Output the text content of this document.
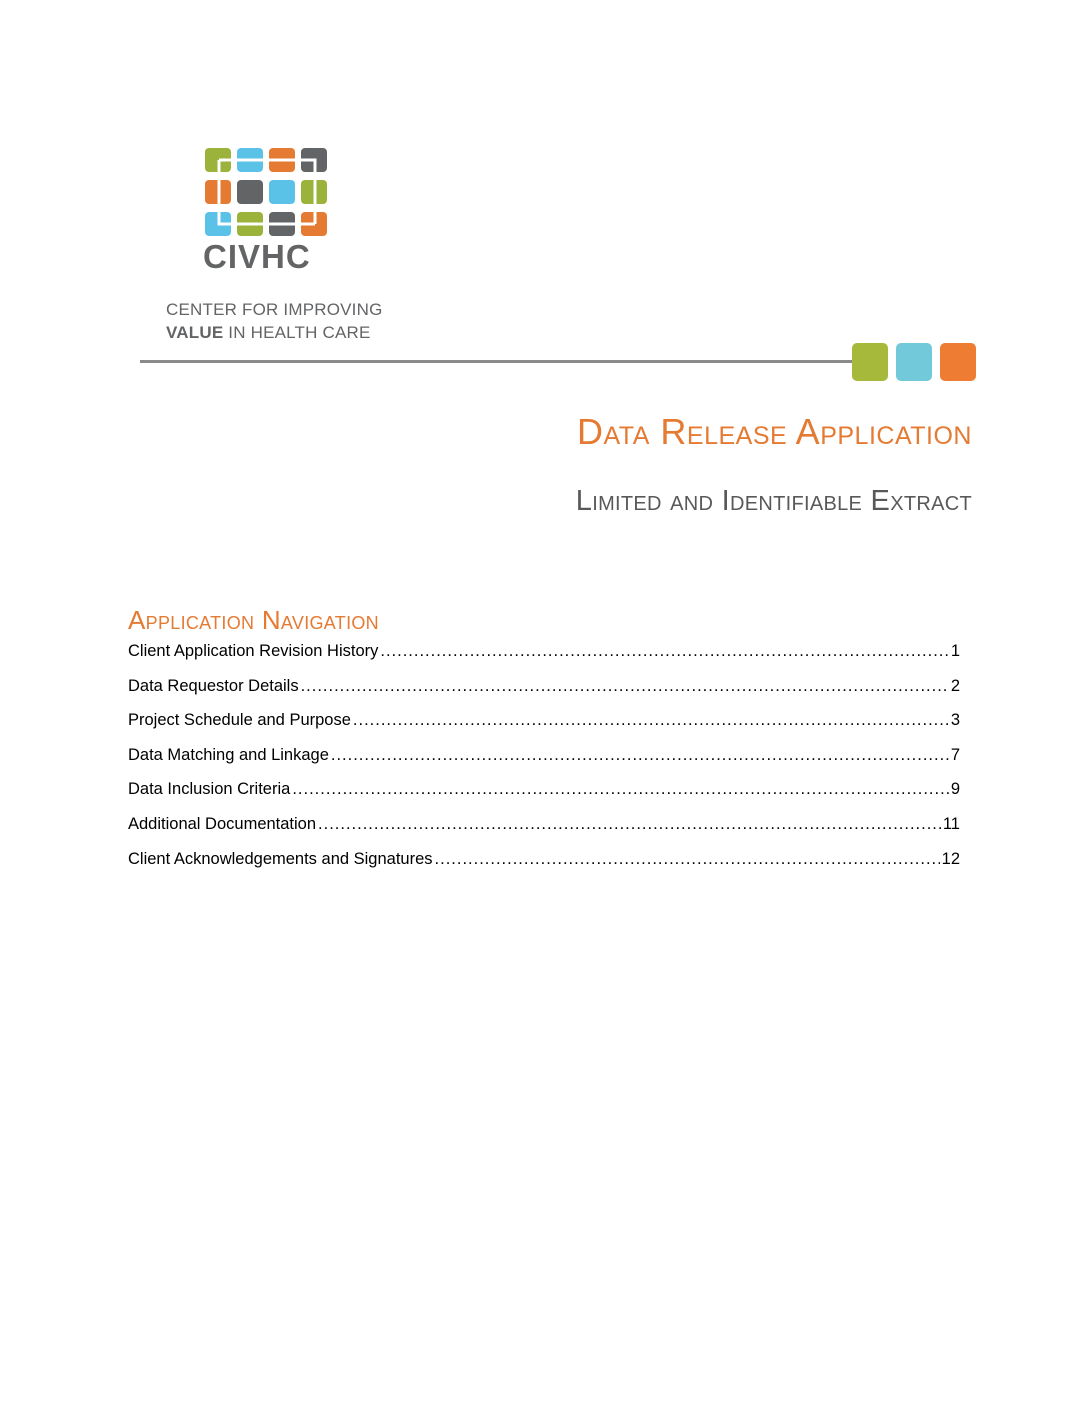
CIVHC
CENTER FOR IMPROVING
VALUE IN HEALTH CARE
Data Release Application
Limited and Identifiable Extract
Application Navigation
Client Application Revision History .....	1
Data Requestor Details .....	2
Project Schedule and Purpose .....	3
Data Matching and Linkage .....	7
Data Inclusion Criteria .....	9
Additional Documentation .....	11
Client Acknowledgements and Signatures .....	12
